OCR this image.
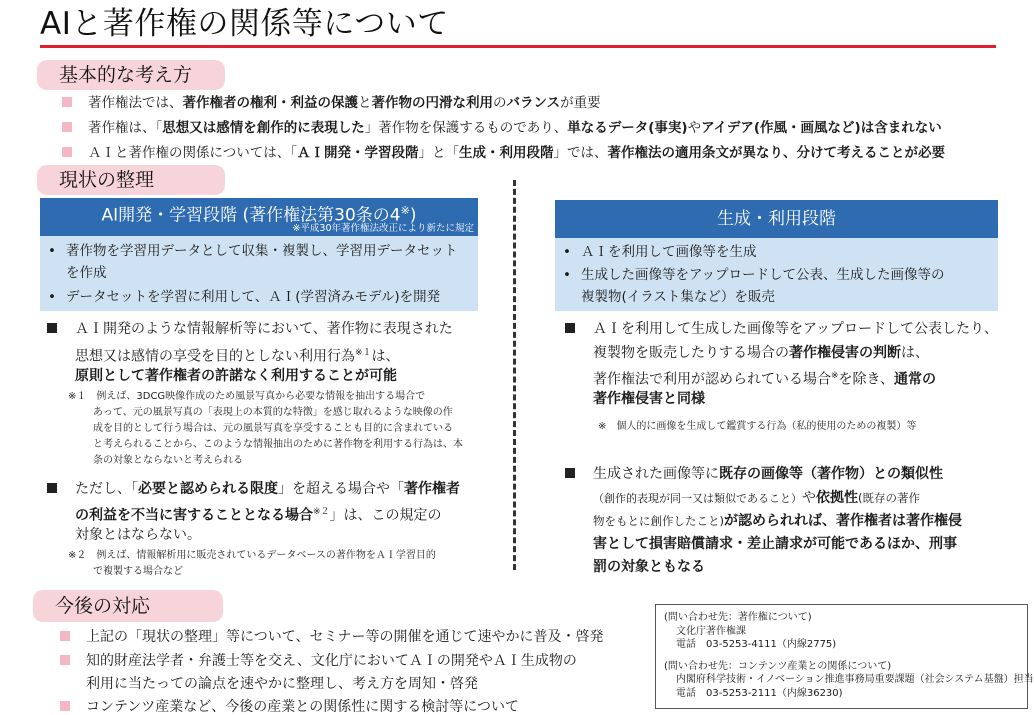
AIと著作権の関係等について
基本的な考え方
著作権法では、著作権者の権利・利益の保護と著作物の円滑な利用のバランスが重要
著作権は、「思想又は感情を創作的に表現した」著作物を保護するものであり、単なるデータ(事実)やアイデア(作風・画風など)は含まれない
ＡＩと著作権の関係については、「ＡＩ開発・学習段階」と「生成・利用段階」では、著作権法の適用条文が異なり、分けて考えることが必要
現状の整理
AI開発・学習段階 (著作権法第30条の4※)
※平成30年著作権法改正により新たに規定
• 著作物を学習用データとして収集・複製し、学習用データセット
を作成
• データセットを学習に利用して、ＡＩ(学習済みモデル)を開発
ＡＩ開発のような情報解析等において、著作物に表現された
思想又は感情の享受を目的としない利用行為$^{※1}$は、
原則として著作権者の許諾なく利用することが可能
※１　例えば、3DCG映像作成のため風景写真から必要な情報を抽出する場合で
あって、元の風景写真の「表現上の本質的な特徴」を感じ取れるような映像の作
成を目的として行う場合は、元の風景写真を享受することも目的に含まれている
と考えられることから、このような情報抽出のために著作物を利用する行為は、本
条の対象とならないと考えられる
ただし、「必要と認められる限度」を超える場合や「著作権者
の利益を不当に害することとなる場合$^{※2}$」は、この規定の
対象とはならない。
※２　例えば、情報解析用に販売されているデータベースの著作物をＡＩ学習目的
で複製する場合など
生成・利用段階
• ＡＩを利用して画像等を生成
• 生成した画像等をアップロードして公表、生成した画像等の
複製物(イラスト集など）を販売
ＡＩを利用して生成した画像等をアップロードして公表したり、
複製物を販売したりする場合の著作権侵害の判断は、
著作権法で利用が認められている場合※を除き、通常の
著作権侵害と同様
※　個人的に画像を生成して鑑賞する行為（私的使用のための複製）等
生成された画像等に既存の画像等（著作物）との類似性
（創作的表現が同一又は類似であること）や依拠性(既存の著作
物をもとに創作したこと)が認められれば、著作権者は著作権侵
害として損害賠償請求・差止請求が可能であるほか、刑事
罰の対象ともなる
今後の対応
上記の「現状の整理」等について、セミナー等の開催を通じて速やかに普及・啓発
知的財産法学者・弁護士等を交え、文化庁においてＡＩの開発やＡＩ生成物の
利用に当たっての論点を速やかに整理し、考え方を周知・啓発
コンテンツ産業など、今後の産業との関係性に関する検討等について
(問い合わせ先：著作権について)
文化庁著作権課
電話　03-5253-4111（内線2775)
(問い合わせ先：コンテンツ産業との関係について)
内閣府科学技術・イノベーション推進事務局重要課題（社会システム基盤）担当
電話　03-5253-2111（内線36230)
